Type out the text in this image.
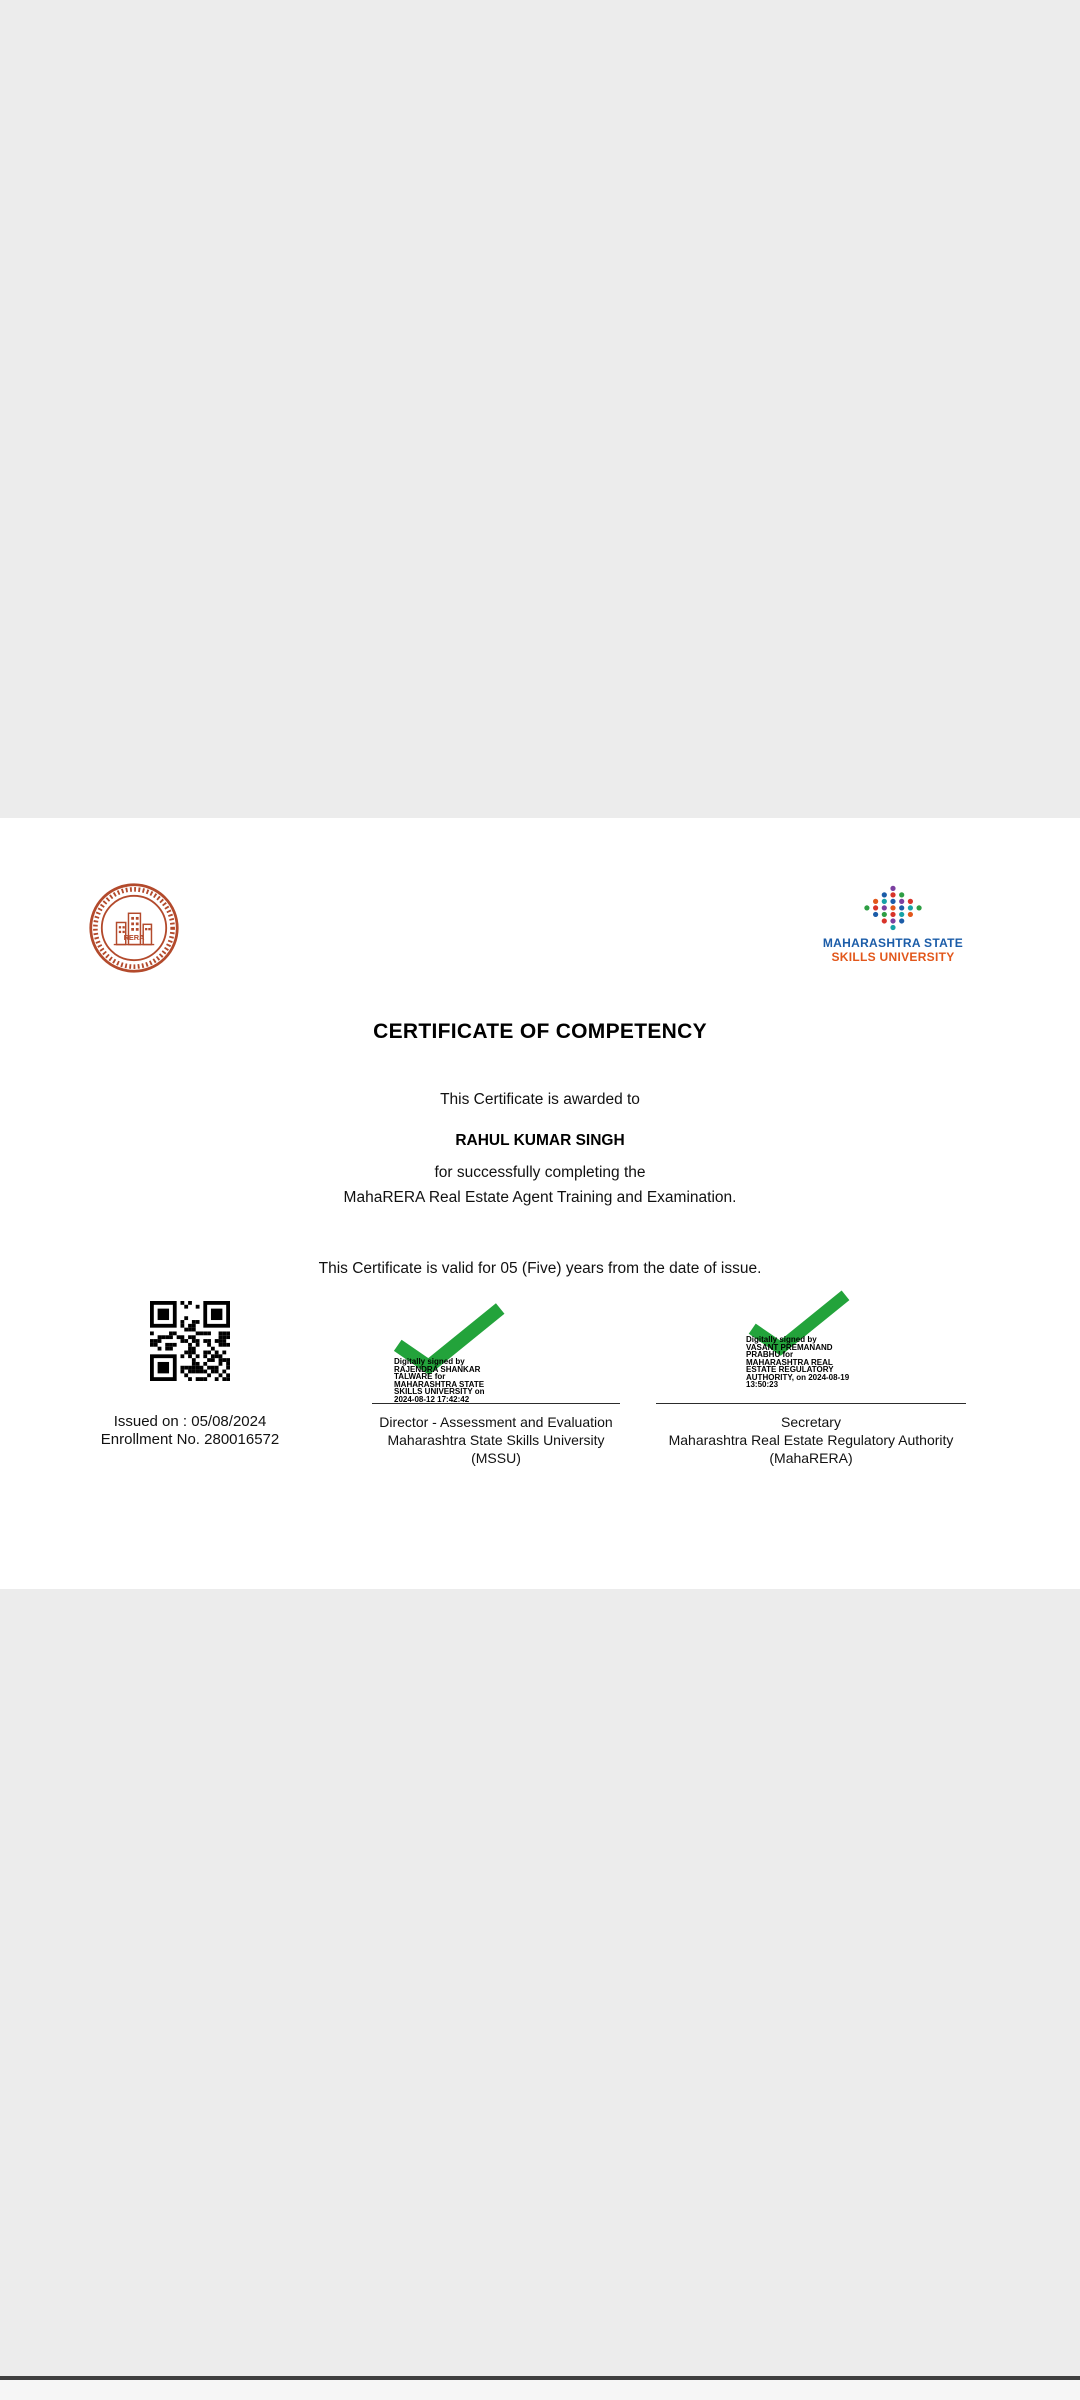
RERA	MAHARASHTRA STATE
SKILLS UNIVERSITY
CERTIFICATE OF COMPETENCY

This Certificate is awarded to

RAHUL KUMAR SINGH

for successfully completing the
MahaRERA Real Estate Agent Training and Examination.

This Certificate is valid for 05 (Five) years from the date of issue.

Issued on : 05/08/2024
Enrollment No. 280016572
Digitally signed by
RAJENDRA SHANKAR
TALWARE for
MAHARASHTRA STATE
SKILLS UNIVERSITY on
2024-08-12 17:42:42
Director - Assessment and Evaluation
Maharashtra State Skills University
(MSSU)
Digitally signed by
VASANT PREMANAND
PRABHU for
MAHARASHTRA REAL
ESTATE REGULATORY
AUTHORITY, on 2024-08-19
13:50:23
Secretary
Maharashtra Real Estate Regulatory Authority
(MahaRERA)
